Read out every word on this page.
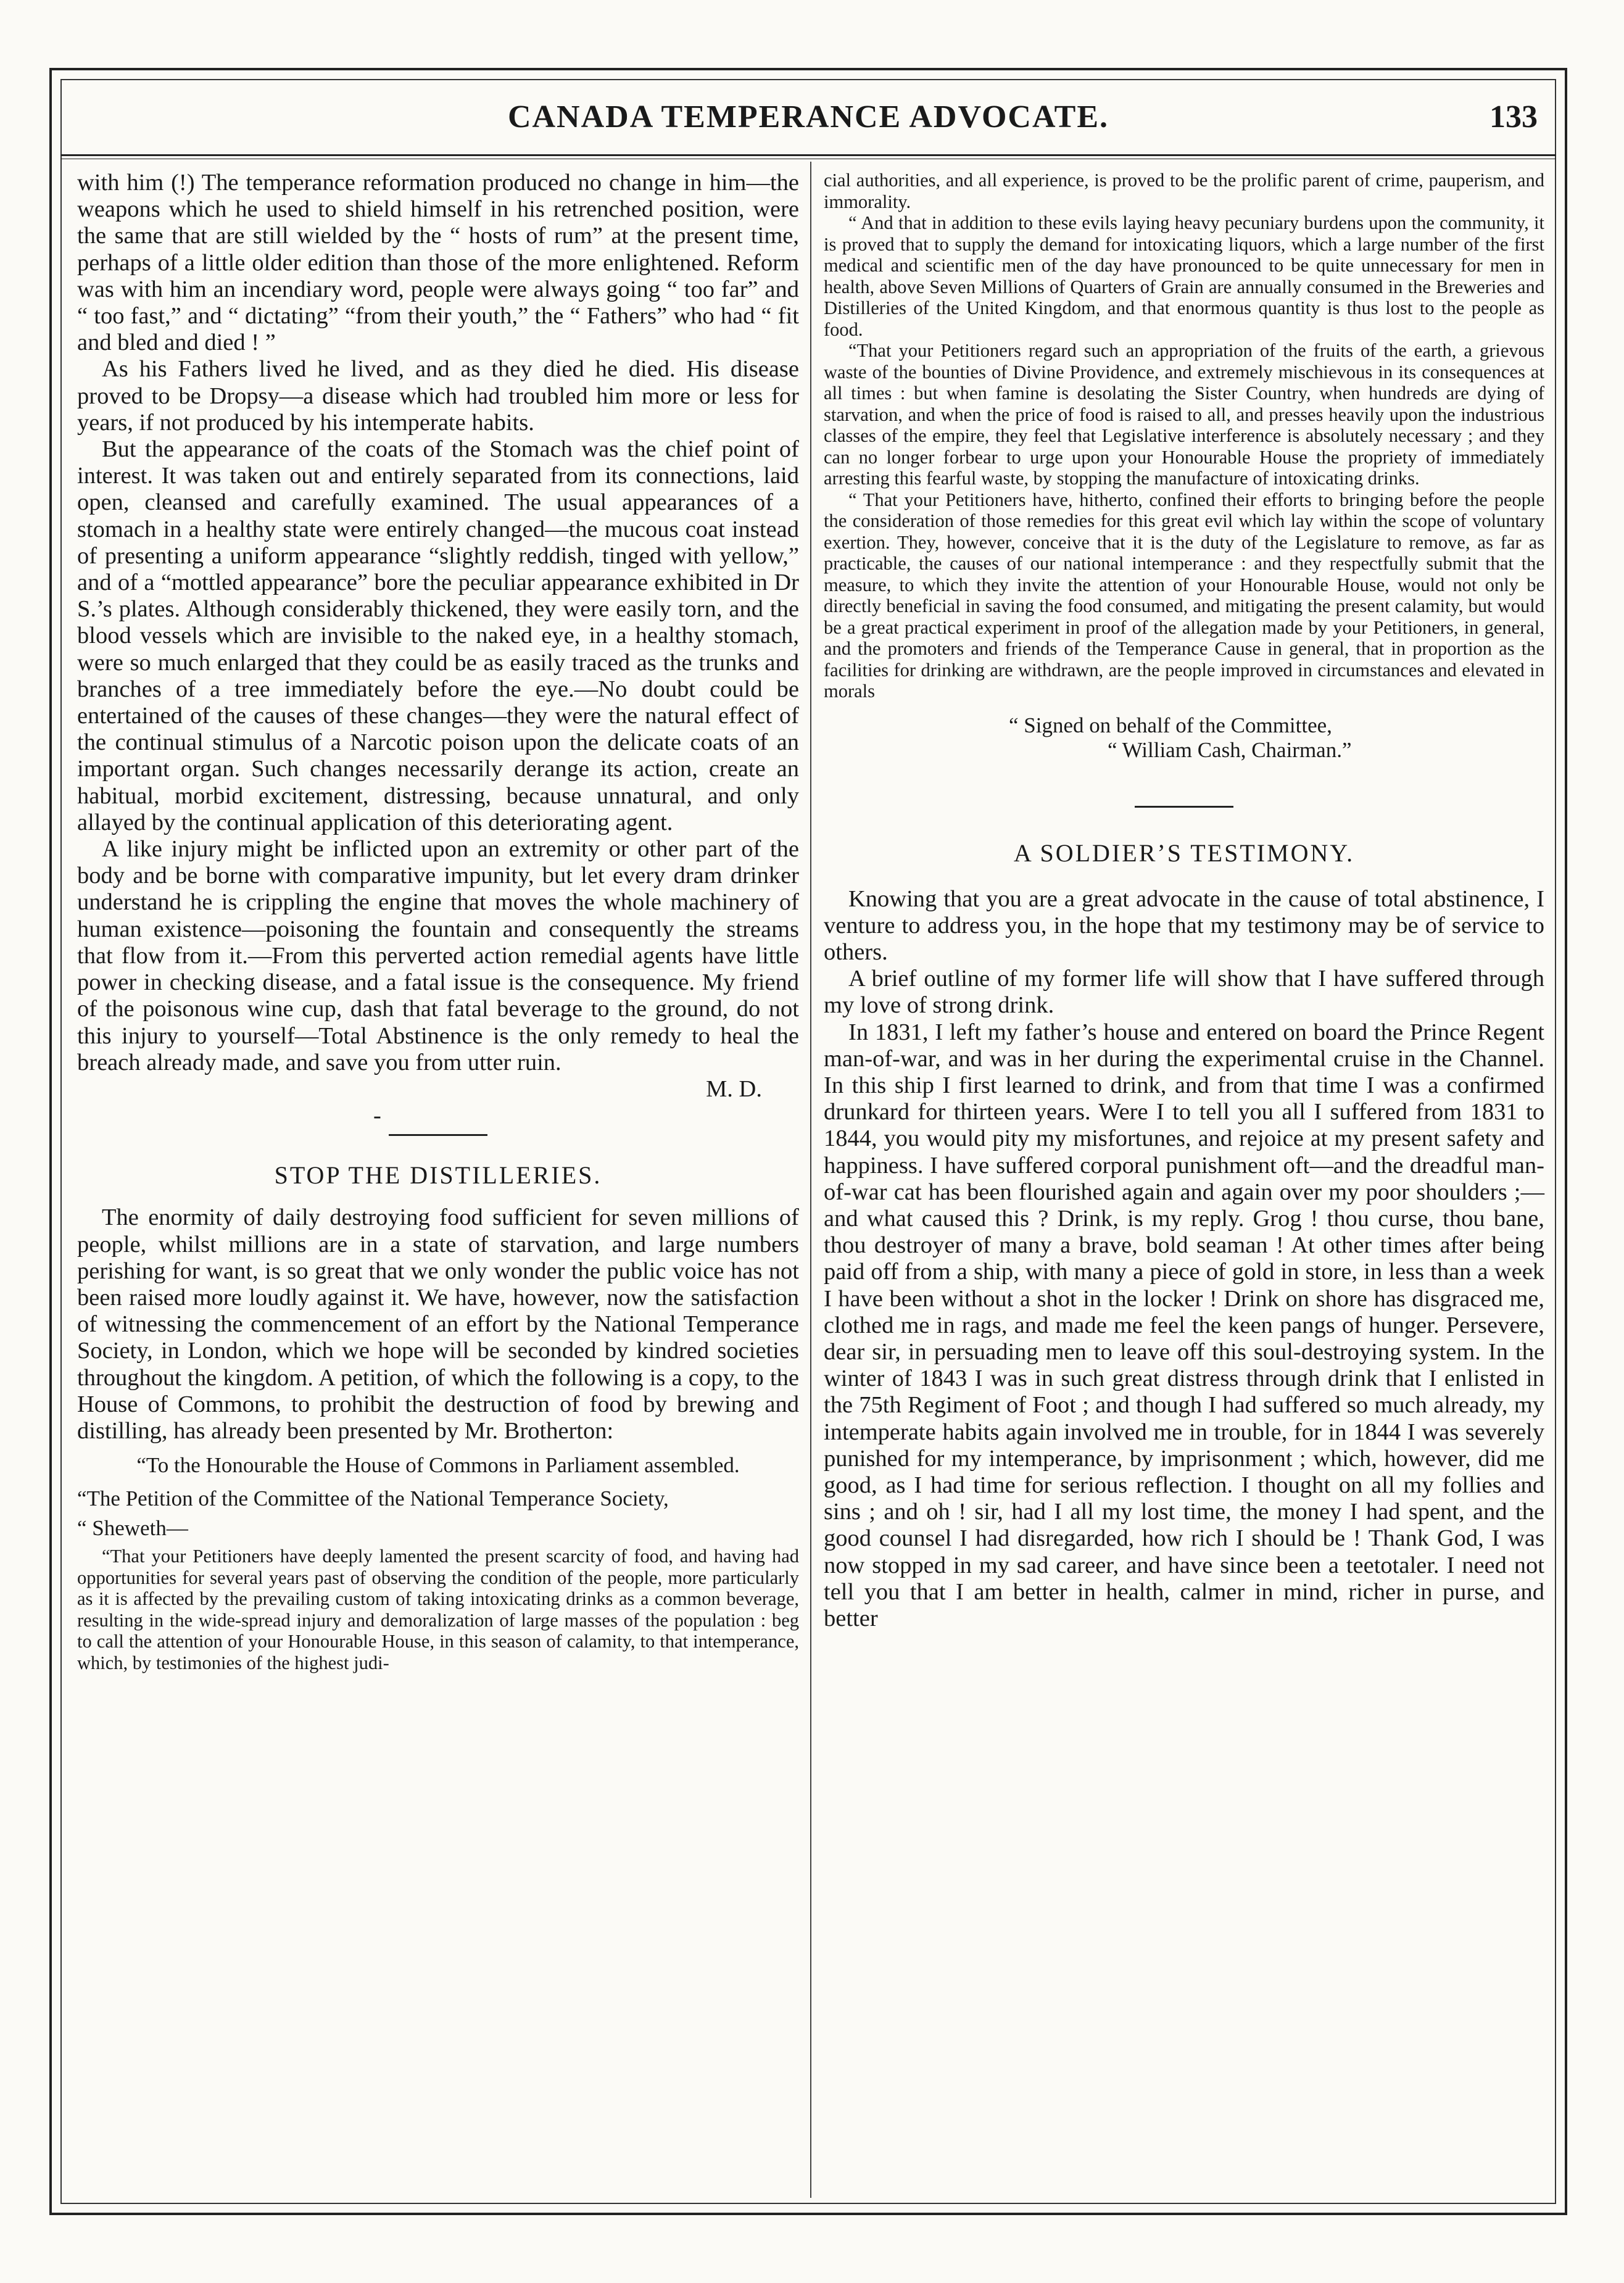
CANADA TEMPERANCE ADVOCATE.	133

with him (!) The temperance reformation produced no change in him—the weapons which he used to shield himself in his retrenched position, were the same that are still wielded by the “ hosts of rum” at the present time, perhaps of a little older edition than those of the more enlightened. Reform was with him an incendiary word, people were always going “ too far” and “ too fast,” and “ dictating” “from their youth,” the “ Fathers” who had “ fit and bled and died ! ”

As his Fathers lived he lived, and as they died he died. His disease proved to be Dropsy—a disease which had troubled him more or less for years, if not produced by his intemperate habits.

But the appearance of the coats of the Stomach was the chief point of interest. It was taken out and entirely separated from its connections, laid open, cleansed and carefully examined. The usual appearances of a stomach in a healthy state were entirely changed—the mucous coat instead of presenting a uniform appearance “slightly reddish, tinged with yellow,” and of a “mottled appearance” bore the peculiar appearance exhibited in Dr S.’s plates. Although considerably thickened, they were easily torn, and the blood vessels which are invisible to the naked eye, in a healthy stomach, were so much enlarged that they could be as easily traced as the trunks and branches of a tree immediately before the eye.—No doubt could be entertained of the causes of these changes—they were the natural effect of the continual stimulus of a Narcotic poison upon the delicate coats of an important organ. Such changes necessarily derange its action, create an habitual, morbid excitement, distressing, because unnatural, and only allayed by the continual application of this deteriorating agent.

A like injury might be inflicted upon an extremity or other part of the body and be borne with comparative impunity, but let every dram drinker understand he is crippling the engine that moves the whole machinery of human existence—poisoning the fountain and consequently the streams that flow from it.—From this perverted action remedial agents have little power in checking disease, and a fatal issue is the consequence. My friend of the poisonous wine cup, dash that fatal beverage to the ground, do not this injury to yourself—Total Abstinence is the only remedy to heal the breach already made, and save you from utter ruin.

M. D.

-

STOP THE DISTILLERIES.

The enormity of daily destroying food sufficient for seven millions of people, whilst millions are in a state of starvation, and large numbers perishing for want, is so great that we only wonder the public voice has not been raised more loudly against it. We have, however, now the satisfaction of witnessing the commencement of an effort by the National Temperance Society, in London, which we hope will be seconded by kindred societies throughout the kingdom. A petition, of which the following is a copy, to the House of Commons, to prohibit the destruction of food by brewing and distilling, has already been presented by Mr. Brotherton:

“To the Honourable the House of Commons in Parliament assembled.

“The Petition of the Committee of the National Temperance Society,

“ Sheweth—

“That your Petitioners have deeply lamented the present scarcity of food, and having had opportunities for several years past of observing the condition of the people, more particularly as it is affected by the prevailing custom of taking intoxicating drinks as a common beverage, resulting in the wide-spread injury and demoralization of large masses of the population : beg to call the attention of your Honourable House, in this season of calamity, to that intemperance, which, by testimonies of the highest judi-

cial authorities, and all experience, is proved to be the prolific parent of crime, pauperism, and immorality.

“ And that in addition to these evils laying heavy pecuniary burdens upon the community, it is proved that to supply the demand for intoxicating liquors, which a large number of the first medical and scientific men of the day have pronounced to be quite unnecessary for men in health, above Seven Millions of Quarters of Grain are annually consumed in the Breweries and Distilleries of the United Kingdom, and that enormous quantity is thus lost to the people as food.

“That your Petitioners regard such an appropriation of the fruits of the earth, a grievous waste of the bounties of Divine Providence, and extremely mischievous in its consequences at all times : but when famine is desolating the Sister Country, when hundreds are dying of starvation, and when the price of food is raised to all, and presses heavily upon the industrious classes of the empire, they feel that Legislative interference is absolutely necessary ; and they can no longer forbear to urge upon your Honourable House the propriety of immediately arresting this fearful waste, by stopping the manufacture of intoxicating drinks.

“ That your Petitioners have, hitherto, confined their efforts to bringing before the people the consideration of those remedies for this great evil which lay within the scope of voluntary exertion. They, however, conceive that it is the duty of the Legislature to remove, as far as practicable, the causes of our national intemperance : and they respectfully submit that the measure, to which they invite the attention of your Honourable House, would not only be directly beneficial in saving the food consumed, and mitigating the present calamity, but would be a great practical experiment in proof of the allegation made by your Petitioners, in general, and the promoters and friends of the Temperance Cause in general, that in proportion as the facilities for drinking are withdrawn, are the people improved in circumstances and elevated in morals

“ Signed on behalf of the Committee,

“ William Cash, Chairman.”

A SOLDIER’S TESTIMONY.

Knowing that you are a great advocate in the cause of total abstinence, I venture to address you, in the hope that my testimony may be of service to others.

A brief outline of my former life will show that I have suffered through my love of strong drink.

In 1831, I left my father’s house and entered on board the Prince Regent man-of-war, and was in her during the experimental cruise in the Channel. In this ship I first learned to drink, and from that time I was a confirmed drunkard for thirteen years. Were I to tell you all I suffered from 1831 to 1844, you would pity my misfortunes, and rejoice at my present safety and happiness. I have suffered corporal punishment oft—and the dreadful man-of-war cat has been flourished again and again over my poor shoulders ;—and what caused this ? Drink, is my reply. Grog ! thou curse, thou bane, thou destroyer of many a brave, bold seaman ! At other times after being paid off from a ship, with many a piece of gold in store, in less than a week I have been without a shot in the locker ! Drink on shore has disgraced me, clothed me in rags, and made me feel the keen pangs of hunger. Persevere, dear sir, in persuading men to leave off this soul-destroying system. In the winter of 1843 I was in such great distress through drink that I enlisted in the 75th Regiment of Foot ; and though I had suffered so much already, my intemperate habits again involved me in trouble, for in 1844 I was severely punished for my intemperance, by imprisonment ; which, however, did me good, as I had time for serious reflection. I thought on all my follies and sins ; and oh ! sir, had I all my lost time, the money I had spent, and the good counsel I had disregarded, how rich I should be ! Thank God, I was now stopped in my sad career, and have since been a teetotaler. I need not tell you that I am better in health, calmer in mind, richer in purse, and better
